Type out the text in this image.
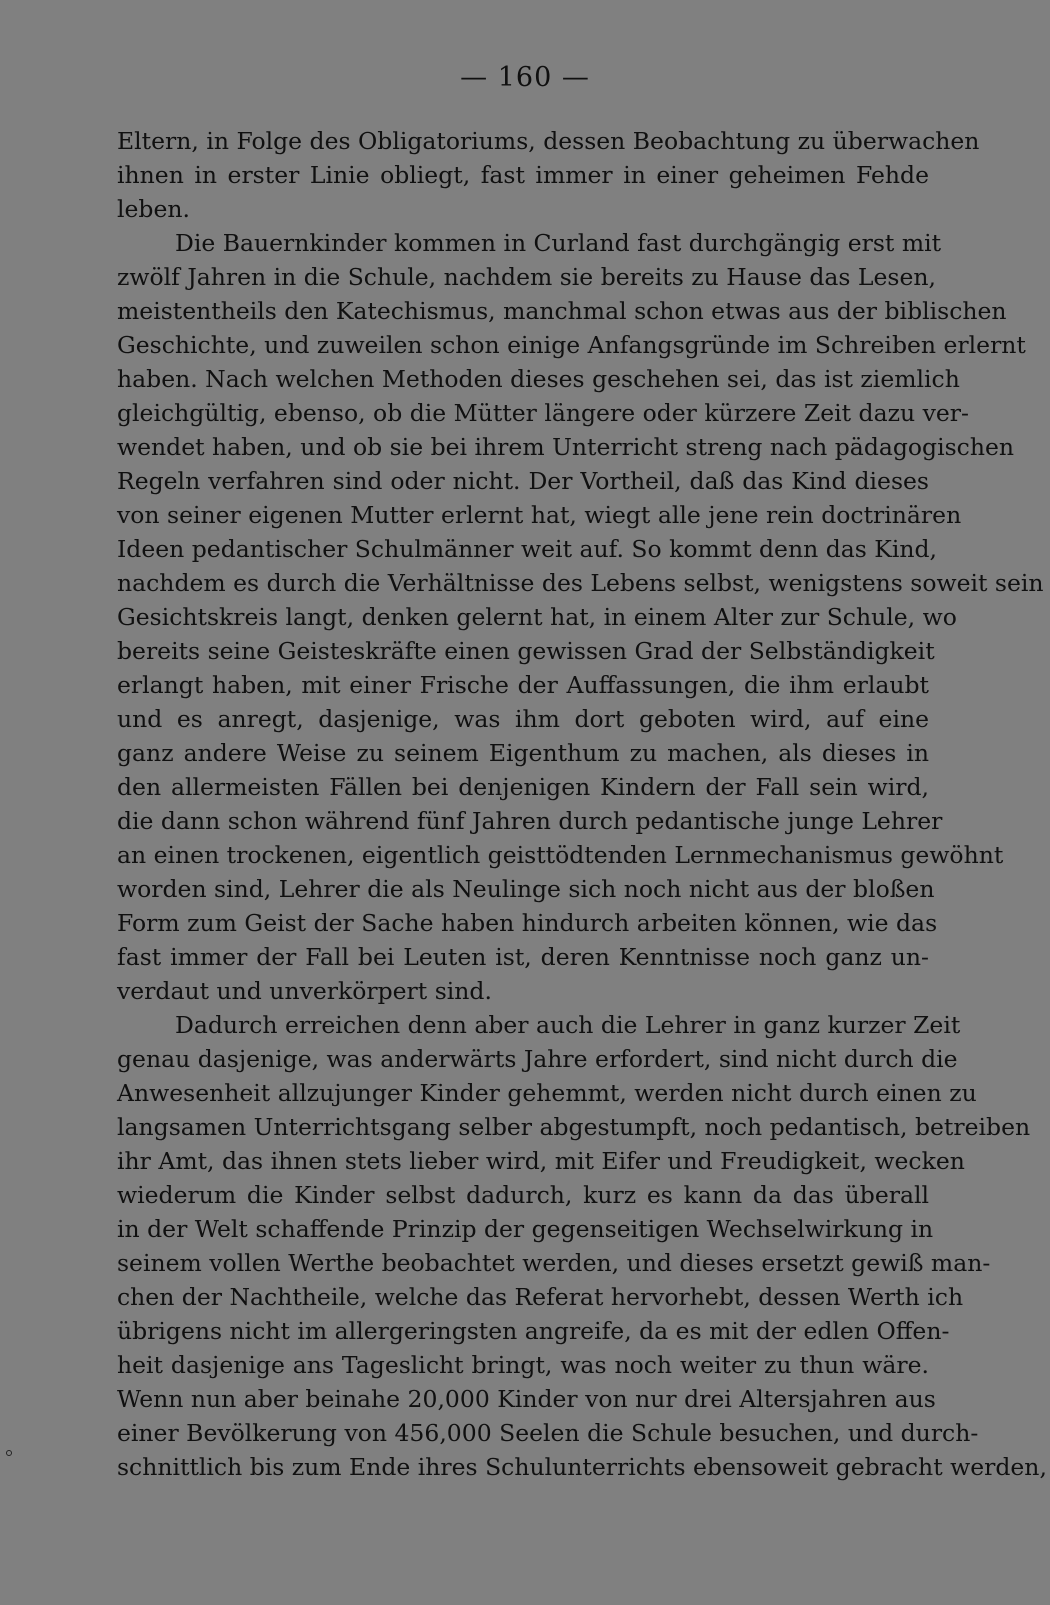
— 160 —
Eltern, in Folge des Obligatoriums, dessen Beobachtung zu überwachen
ihnen in erster Linie obliegt, fast immer in einer geheimen Fehde
leben.
Die Bauernkinder kommen in Curland fast durchgängig erst mit
zwölf Jahren in die Schule, nachdem sie bereits zu Hause das Lesen,
meistentheils den Katechismus, manchmal schon etwas aus der biblischen
Geschichte, und zuweilen schon einige Anfangsgründe im Schreiben erlernt
haben. Nach welchen Methoden dieses geschehen sei, das ist ziemlich
gleichgültig, ebenso, ob die Mütter längere oder kürzere Zeit dazu ver-
wendet haben, und ob sie bei ihrem Unterricht streng nach pädagogischen
Regeln verfahren sind oder nicht. Der Vortheil, daß das Kind dieses
von seiner eigenen Mutter erlernt hat, wiegt alle jene rein doctrinären
Ideen pedantischer Schulmänner weit auf. So kommt denn das Kind,
nachdem es durch die Verhältnisse des Lebens selbst, wenigstens soweit sein
Gesichtskreis langt, denken gelernt hat, in einem Alter zur Schule, wo
bereits seine Geisteskräfte einen gewissen Grad der Selbständigkeit
erlangt haben, mit einer Frische der Auffassungen, die ihm erlaubt
und es anregt, dasjenige, was ihm dort geboten wird, auf eine
ganz andere Weise zu seinem Eigenthum zu machen, als dieses in
den allermeisten Fällen bei denjenigen Kindern der Fall sein wird,
die dann schon während fünf Jahren durch pedantische junge Lehrer
an einen trockenen, eigentlich geisttödtenden Lernmechanismus gewöhnt
worden sind, Lehrer die als Neulinge sich noch nicht aus der bloßen
Form zum Geist der Sache haben hindurch arbeiten können, wie das
fast immer der Fall bei Leuten ist, deren Kenntnisse noch ganz un-
verdaut und unverkörpert sind.
Dadurch erreichen denn aber auch die Lehrer in ganz kurzer Zeit
genau dasjenige, was anderwärts Jahre erfordert, sind nicht durch die
Anwesenheit allzujunger Kinder gehemmt, werden nicht durch einen zu
langsamen Unterrichtsgang selber abgestumpft, noch pedantisch, betreiben
ihr Amt, das ihnen stets lieber wird, mit Eifer und Freudigkeit, wecken
wiederum die Kinder selbst dadurch, kurz es kann da das überall
in der Welt schaffende Prinzip der gegenseitigen Wechselwirkung in
seinem vollen Werthe beobachtet werden, und dieses ersetzt gewiß man-
chen der Nachtheile, welche das Referat hervorhebt, dessen Werth ich
übrigens nicht im allergeringsten angreife, da es mit der edlen Offen-
heit dasjenige ans Tageslicht bringt, was noch weiter zu thun wäre.
Wenn nun aber beinahe 20,000 Kinder von nur drei Altersjahren aus
einer Bevölkerung von 456,000 Seelen die Schule besuchen, und durch-
schnittlich bis zum Ende ihres Schulunterrichts ebensoweit gebracht werden,
